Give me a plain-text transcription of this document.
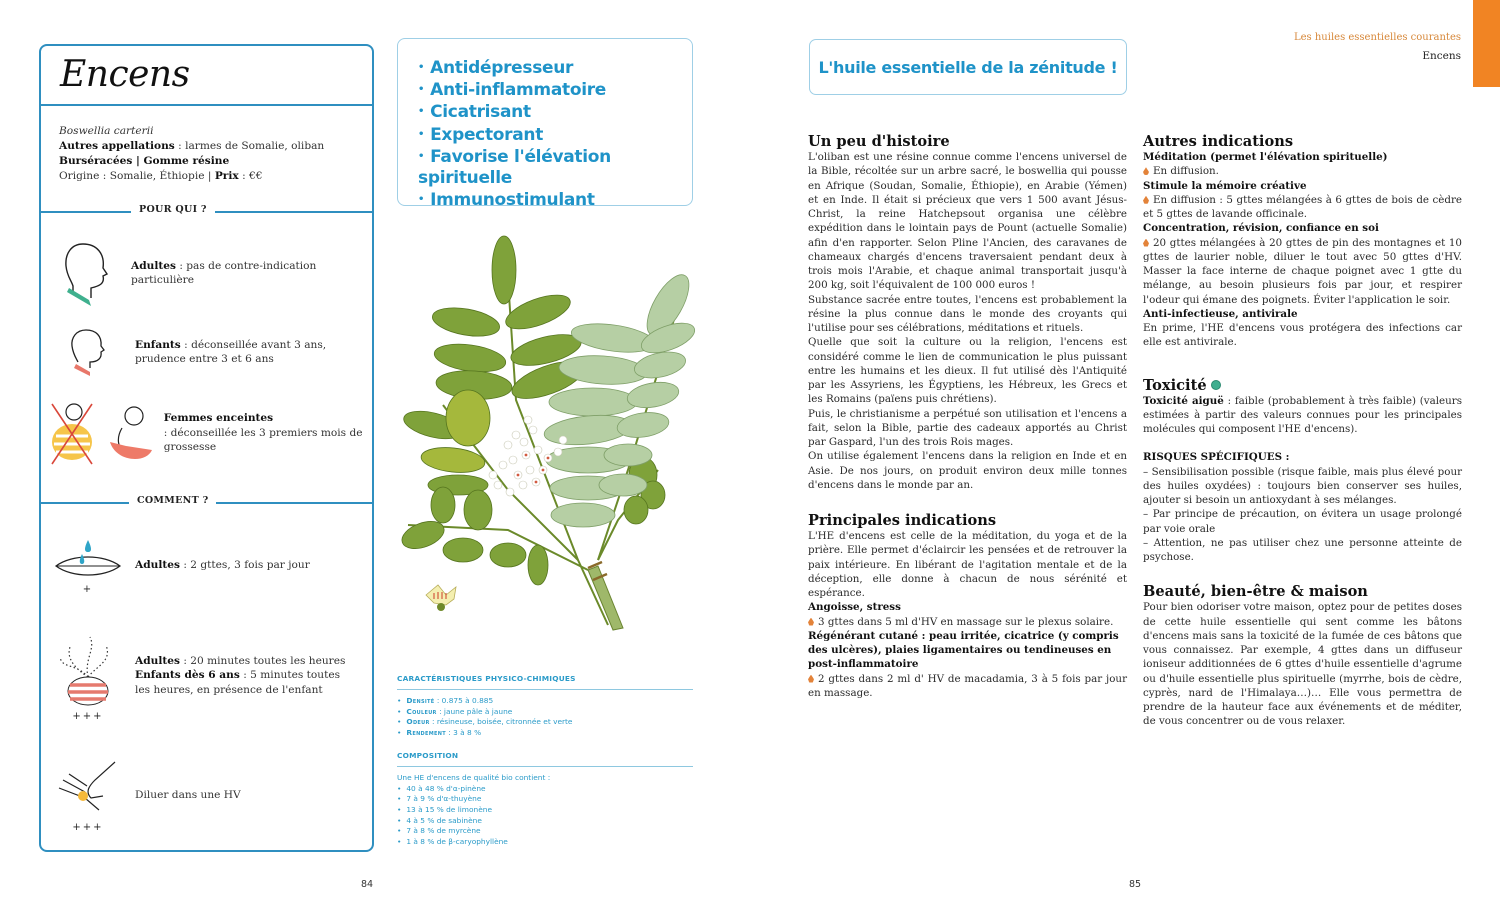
Encens
Boswellia carterii
Autres appellations : larmes de Somalie, oliban
Burséracées | Gomme résine
Origine : Somalie, Éthiopie | Prix : €€
POUR QUI ?
Adultes : pas de contre-indication particulière
Enfants : déconseillée avant 3 ans, prudence entre 3 et 6 ans
Femmes enceintes
: déconseillée les 3 premiers mois de grossesse
COMMENT ?
+
Adultes : 2 gttes, 3 fois par jour
+++
Adultes : 20 minutes toutes les heures
Enfants dès 6 ans : 5 minutes toutes les heures, en présence de l'enfant
+++
Diluer dans une HV
• Antidépresseur
• Anti-inflammatoire
• Cicatrisant
• Expectorant
• Favorise l'élévation spirituelle
• Immunostimulant
CARACTÉRISTIQUES PHYSICO-CHIMIQUES
• Densité : 0.875 à 0.885
• Couleur : jaune pâle à jaune
• Odeur : résineuse, boisée, citronnée et verte
• Rendement : 3 à 8 %
COMPOSITION
Une HE d'encens de qualité bio contient :
• 40 à 48 % d'α-pinène
• 7 à 9 % d'α-thuyène
• 13 à 15 % de limonène
• 4 à 5 % de sabinène
• 7 à 8 % de myrcène
• 1 à 8 % de β-caryophyllène
84
Les huiles essentielles courantes
Encens
L'huile essentielle de la zénitude !
Un peu d'histoire

L'oliban est une résine connue comme l'encens universel de la Bible, récoltée sur un arbre sacré, le boswellia qui pousse en Afrique (Soudan, Somalie, Éthiopie), en Arabie (Yémen) et en Inde. Il était si précieux que vers 1 500 avant Jésus-Christ, la reine Hatchepsout organisa une célèbre expédition dans le lointain pays de Pount (actuelle Somalie) afin d'en rapporter. Selon Pline l'Ancien, des caravanes de chameaux chargés d'encens traversaient pendant deux à trois mois l'Arabie, et chaque animal transportait jusqu'à 200 kg, soit l'équivalent de 100 000 euros !

Substance sacrée entre toutes, l'encens est probablement la résine la plus connue dans le monde des croyants qui l'utilise pour ses célébrations, méditations et rituels.

Quelle que soit la culture ou la religion, l'encens est considéré comme le lien de communication le plus puissant entre les humains et les dieux. Il fut utilisé dès l'Antiquité par les Assyriens, les Égyptiens, les Hébreux, les Grecs et les Romains (païens puis chrétiens).

Puis, le christianisme a perpétué son utilisation et l'encens a fait, selon la Bible, partie des cadeaux apportés au Christ par Gaspard, l'un des trois Rois mages.

On utilise également l'encens dans la religion en Inde et en Asie. De nos jours, on produit environ deux mille tonnes d'encens dans le monde par an.

Principales indications

L'HE d'encens est celle de la méditation, du yoga et de la prière. Elle permet d'éclaircir les pensées et de retrouver la paix intérieure. En libérant de l'agitation mentale et de la déception, elle donne à chacun de nous sérénité et espérance.

Angoisse, stress

3 gttes dans 5 ml d'HV en massage sur le plexus solaire.

Régénérant cutané : peau irritée, cicatrice (y compris des ulcères), plaies ligamentaires ou tendineuses en post-inflammatoire

2 gttes dans 2 ml d' HV de macadamia, 3 à 5 fois par jour en massage.

Autres indications

Méditation (permet l'élévation spirituelle)

En diffusion.

Stimule la mémoire créative

En diffusion : 5 gttes mélangées à 6 gttes de bois de cèdre et 5 gttes de lavande officinale.

Concentration, révision, confiance en soi

20 gttes mélangées à 20 gttes de pin des montagnes et 10 gttes de laurier noble, diluer le tout avec 50 gttes d'HV. Masser la face interne de chaque poignet avec 1 gtte du mélange, au besoin plusieurs fois par jour, et respirer l'odeur qui émane des poignets. Éviter l'application le soir.

Anti-infectieuse, antivirale

En prime, l'HE d'encens vous protégera des infections car elle est antivirale.

Toxicité

Toxicité aiguë : faible (probablement à très faible) (valeurs estimées à partir des valeurs connues pour les principales molécules qui composent l'HE d'encens).

RISQUES SPÉCIFIQUES :

– Sensibilisation possible (risque faible, mais plus élevé pour des huiles oxydées) : toujours bien conserver ses huiles, ajouter si besoin un antioxydant à ses mélanges.

– Par principe de précaution, on évitera un usage prolongé par voie orale

– Attention, ne pas utiliser chez une personne atteinte de psychose.

Beauté, bien-être & maison

Pour bien odoriser votre maison, optez pour de petites doses de cette huile essentielle qui sent comme les bâtons d'encens mais sans la toxicité de la fumée de ces bâtons que vous connaissez. Par exemple, 4 gttes dans un diffuseur ioniseur additionnées de 6 gttes d'huile essentielle d'agrume ou d'huile essentielle plus spirituelle (myrrhe, bois de cèdre, cyprès, nard de l'Himalaya…)… Elle vous permettra de prendre de la hauteur face aux événements et de méditer, de vous concentrer ou de vous relaxer.

85
